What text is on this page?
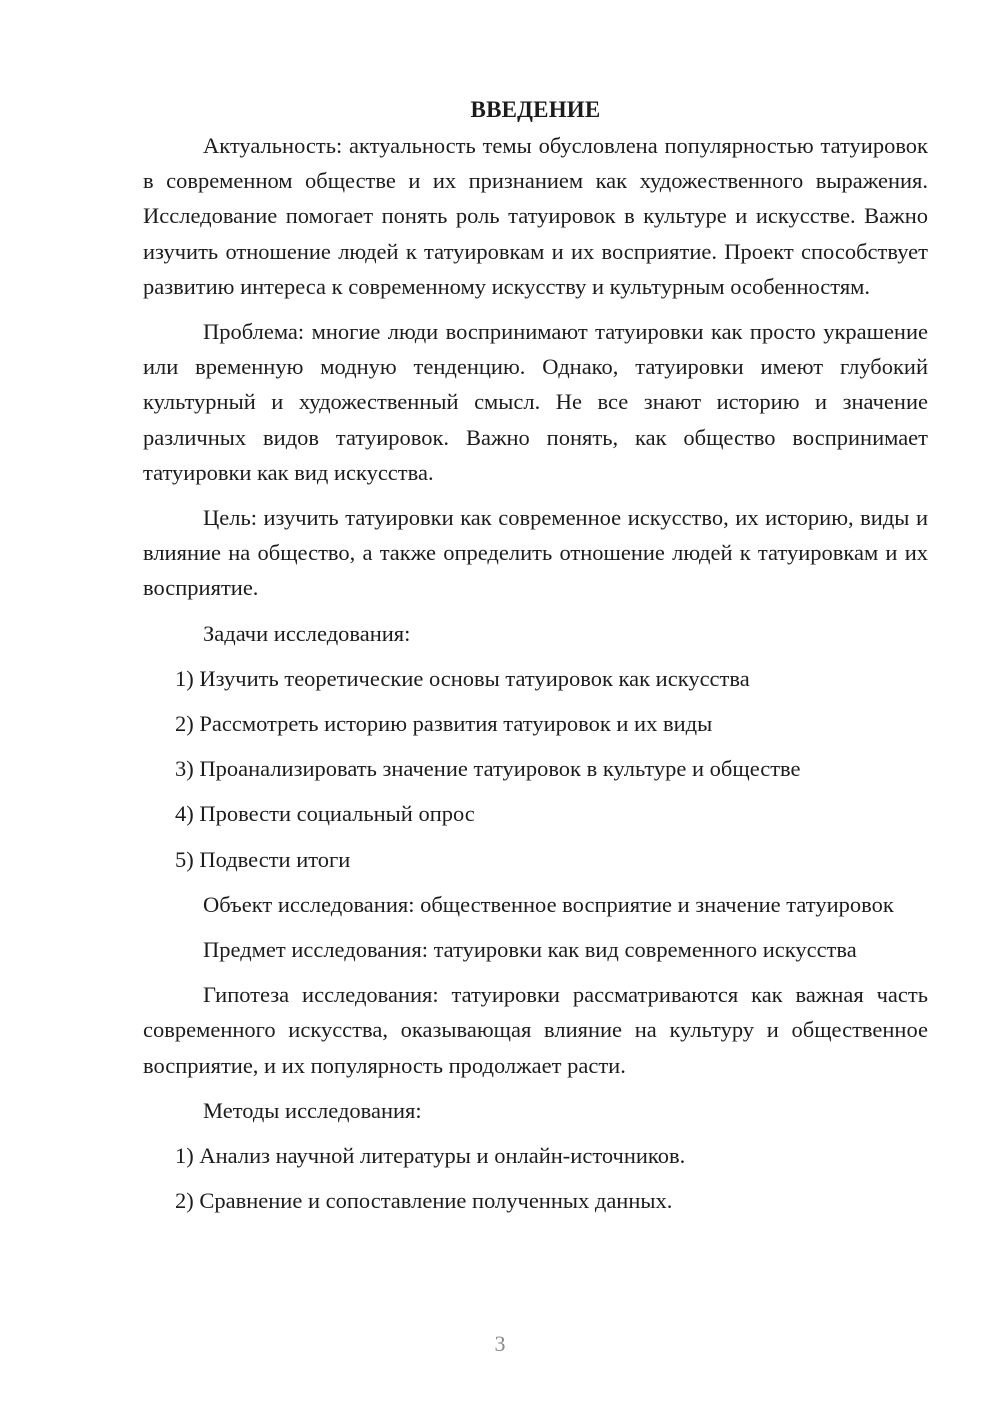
ВВЕДЕНИЕ
Актуальность: актуальность темы обусловлена популярностью татуировок в современном обществе и их признанием как художественного выражения. Исследование помогает понять роль татуировок в культуре и искусстве. Важно изучить отношение людей к татуировкам и их восприятие. Проект способствует развитию интереса к современному искусству и культурным особенностям.
Проблема: многие люди воспринимают татуировки как просто украшение или временную модную тенденцию. Однако, татуировки имеют глубокий культурный и художественный смысл. Не все знают историю и значение различных видов татуировок. Важно понять, как общество воспринимает татуировки как вид искусства.
Цель: изучить татуировки как современное искусство, их историю, виды и влияние на общество, а также определить отношение людей к татуировкам и их восприятие.
Задачи исследования:
1) Изучить теоретические основы татуировок как искусства
2) Рассмотреть историю развития татуировок и их виды
3) Проанализировать значение татуировок в культуре и обществе
4) Провести социальный опрос
5) Подвести итоги
Объект исследования: общественное восприятие и значение татуировок
Предмет исследования: татуировки как вид современного искусства
Гипотеза исследования: татуировки рассматриваются как важная часть современного искусства, оказывающая влияние на культуру и общественное восприятие, и их популярность продолжает расти.
Методы исследования:
1) Анализ научной литературы и онлайн-источников.
2) Сравнение и сопоставление полученных данных.
3
